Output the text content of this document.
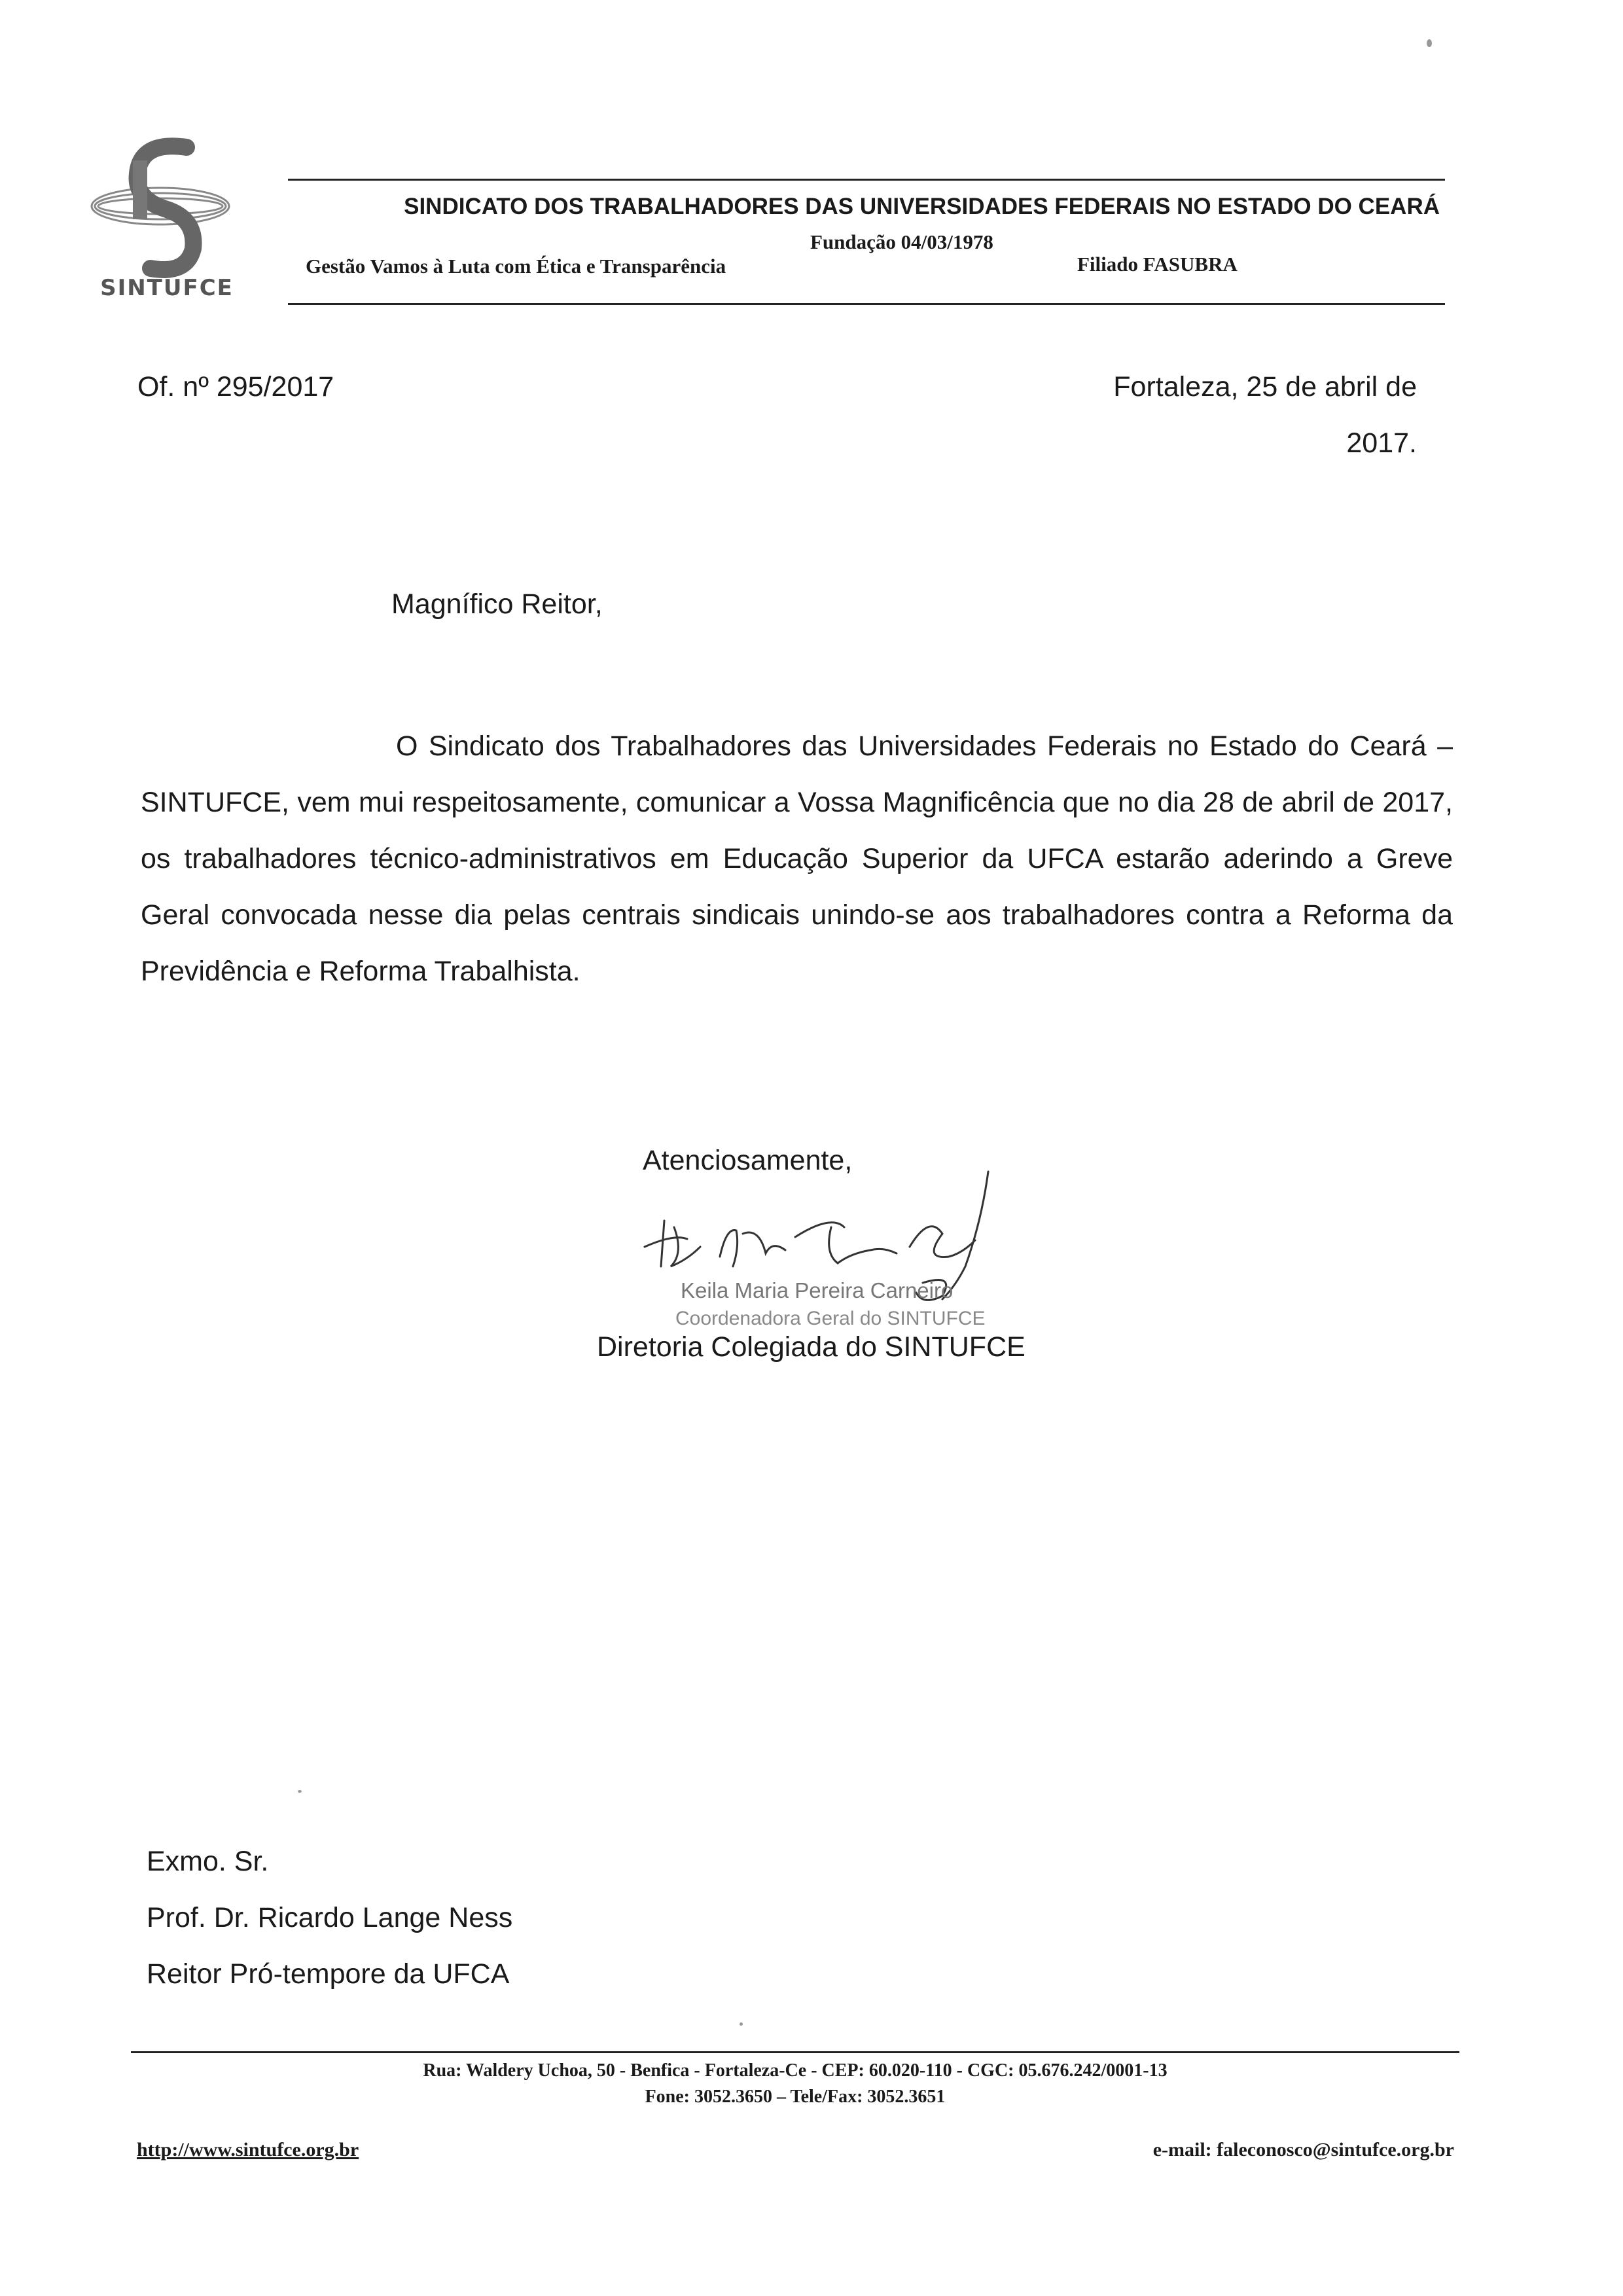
SINTUFCE
SINDICATO DOS TRABALHADORES DAS UNIVERSIDADES FEDERAIS NO ESTADO DO CEARÁ
Fundação 04/03/1978
Gestão Vamos à Luta com Ética e Transparência	Filiado FASUBRA
Of. nº 295/2017	Fortaleza, 25 de abril de 2017.
Magnífico Reitor,
O Sindicato dos Trabalhadores das Universidades Federais no Estado do Ceará – SINTUFCE, vem mui respeitosamente, comunicar a Vossa Magnificência que no dia 28 de abril de 2017, os trabalhadores técnico-administrativos em Educação Superior da UFCA estarão aderindo a Greve Geral convocada nesse dia pelas centrais sindicais unindo-se aos trabalhadores contra a Reforma da Previdência e Reforma Trabalhista.
Atenciosamente,
Keila Maria Pereira Carneiro
Coordenadora Geral do SINTUFCE
Diretoria Colegiada do SINTUFCE
Exmo. Sr.
Prof. Dr. Ricardo Lange Ness
Reitor Pró-tempore da UFCA
Rua: Waldery Uchoa, 50 - Benfica - Fortaleza-Ce - CEP: 60.020-110 - CGC: 05.676.242/0001-13
Fone: 3052.3650 – Tele/Fax: 3052.3651
http://www.sintufce.org.br	e-mail: faleconosco@sintufce.org.br
